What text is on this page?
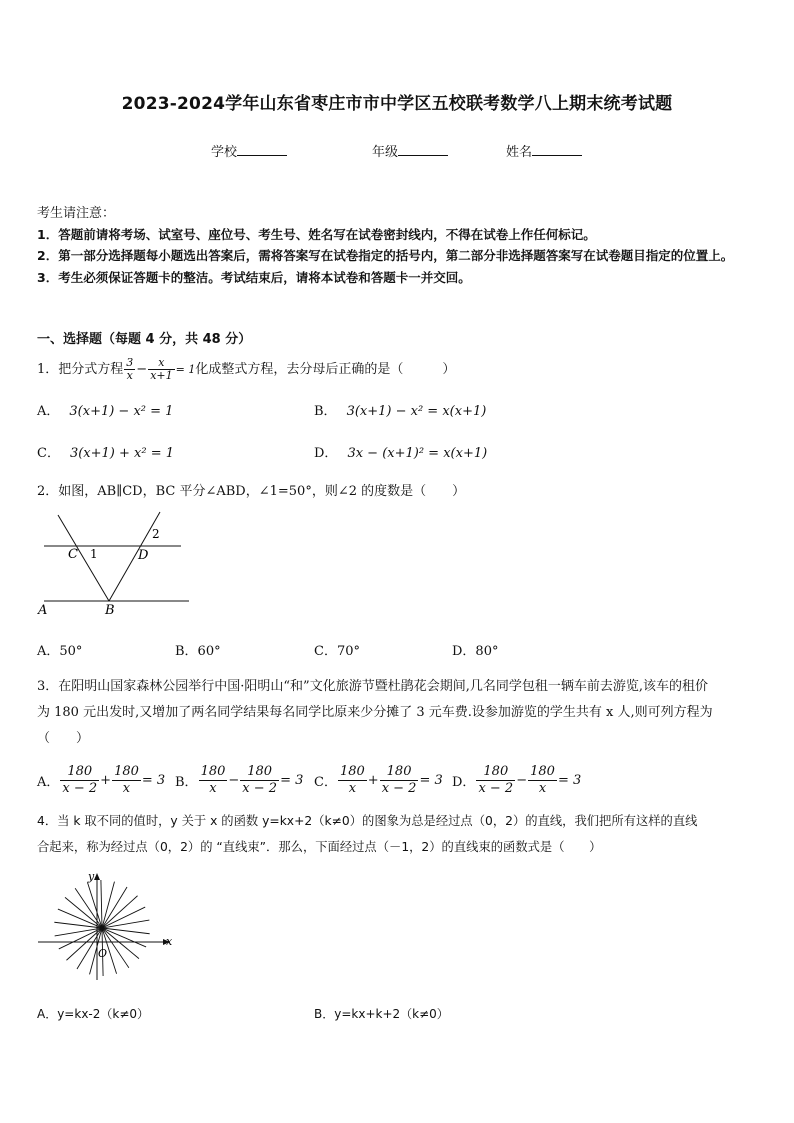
2023-2024学年山东省枣庄市市中学区五校联考数学八上期末统考试题
学校	年级	姓名
考生请注意：
1．答题前请将考场、试室号、座位号、考生号、姓名写在试卷密封线内，不得在试卷上作任何标记。
2．第一部分选择题每小题选出答案后，需将答案写在试卷指定的括号内，第二部分非选择题答案写在试卷题目指定的位置上。
3．考生必须保证答题卡的整洁。考试结束后，请将本试卷和答题卡一并交回。
一、选择题（每题 4 分，共 48 分）
1．把分式方程 $\frac{3}{x} - \frac{x}{x+1} = 1$化成整式方程，去分母后正确的是（　　　）
A． 3(x+1) − x² = 1	B． 3(x+1) − x² = x(x+1)
C． 3(x+1) + x² = 1	D． 3x − (x+1)² = x(x+1)
2．如图，AB∥CD，BC 平分∠ABD，∠1=50°，则∠2 的度数是（　　）
C 1	D
2
A	B
A．50°	B．60°	C．70°	D．80°
3．在阳明山国家森林公园举行中国·阳明山“和”文化旅游节暨杜鹃花会期间,几名同学包租一辆车前去游览,该车的租价
为 180 元出发时,又增加了两名同学结果每名同学比原来少分摊了 3 元车费.设参加游览的学生共有 x 人,则可列方程为
（　　）
A． $\frac{180}{x - 2} + \frac{180}{x} = 3$ B． $\frac{180}{x} - \frac{180}{x - 2} = 3$ C． $\frac{180}{x} + \frac{180}{x - 2} = 3$ D． $\frac{180}{x - 2} - \frac{180}{x} = 3$
4．当 k 取不同的值时，y 关于 x 的函数 y=kx+2（k≠0）的图象为总是经过点（0，2）的直线，我们把所有这样的直线
合起来，称为经过点（0，2）的 “直线束”．那么，下面经过点（－1，2）的直线束的函数式是（　　）
x
y
O
A．y=kx-2（k≠0）	B．y=kx+k+2（k≠0）
